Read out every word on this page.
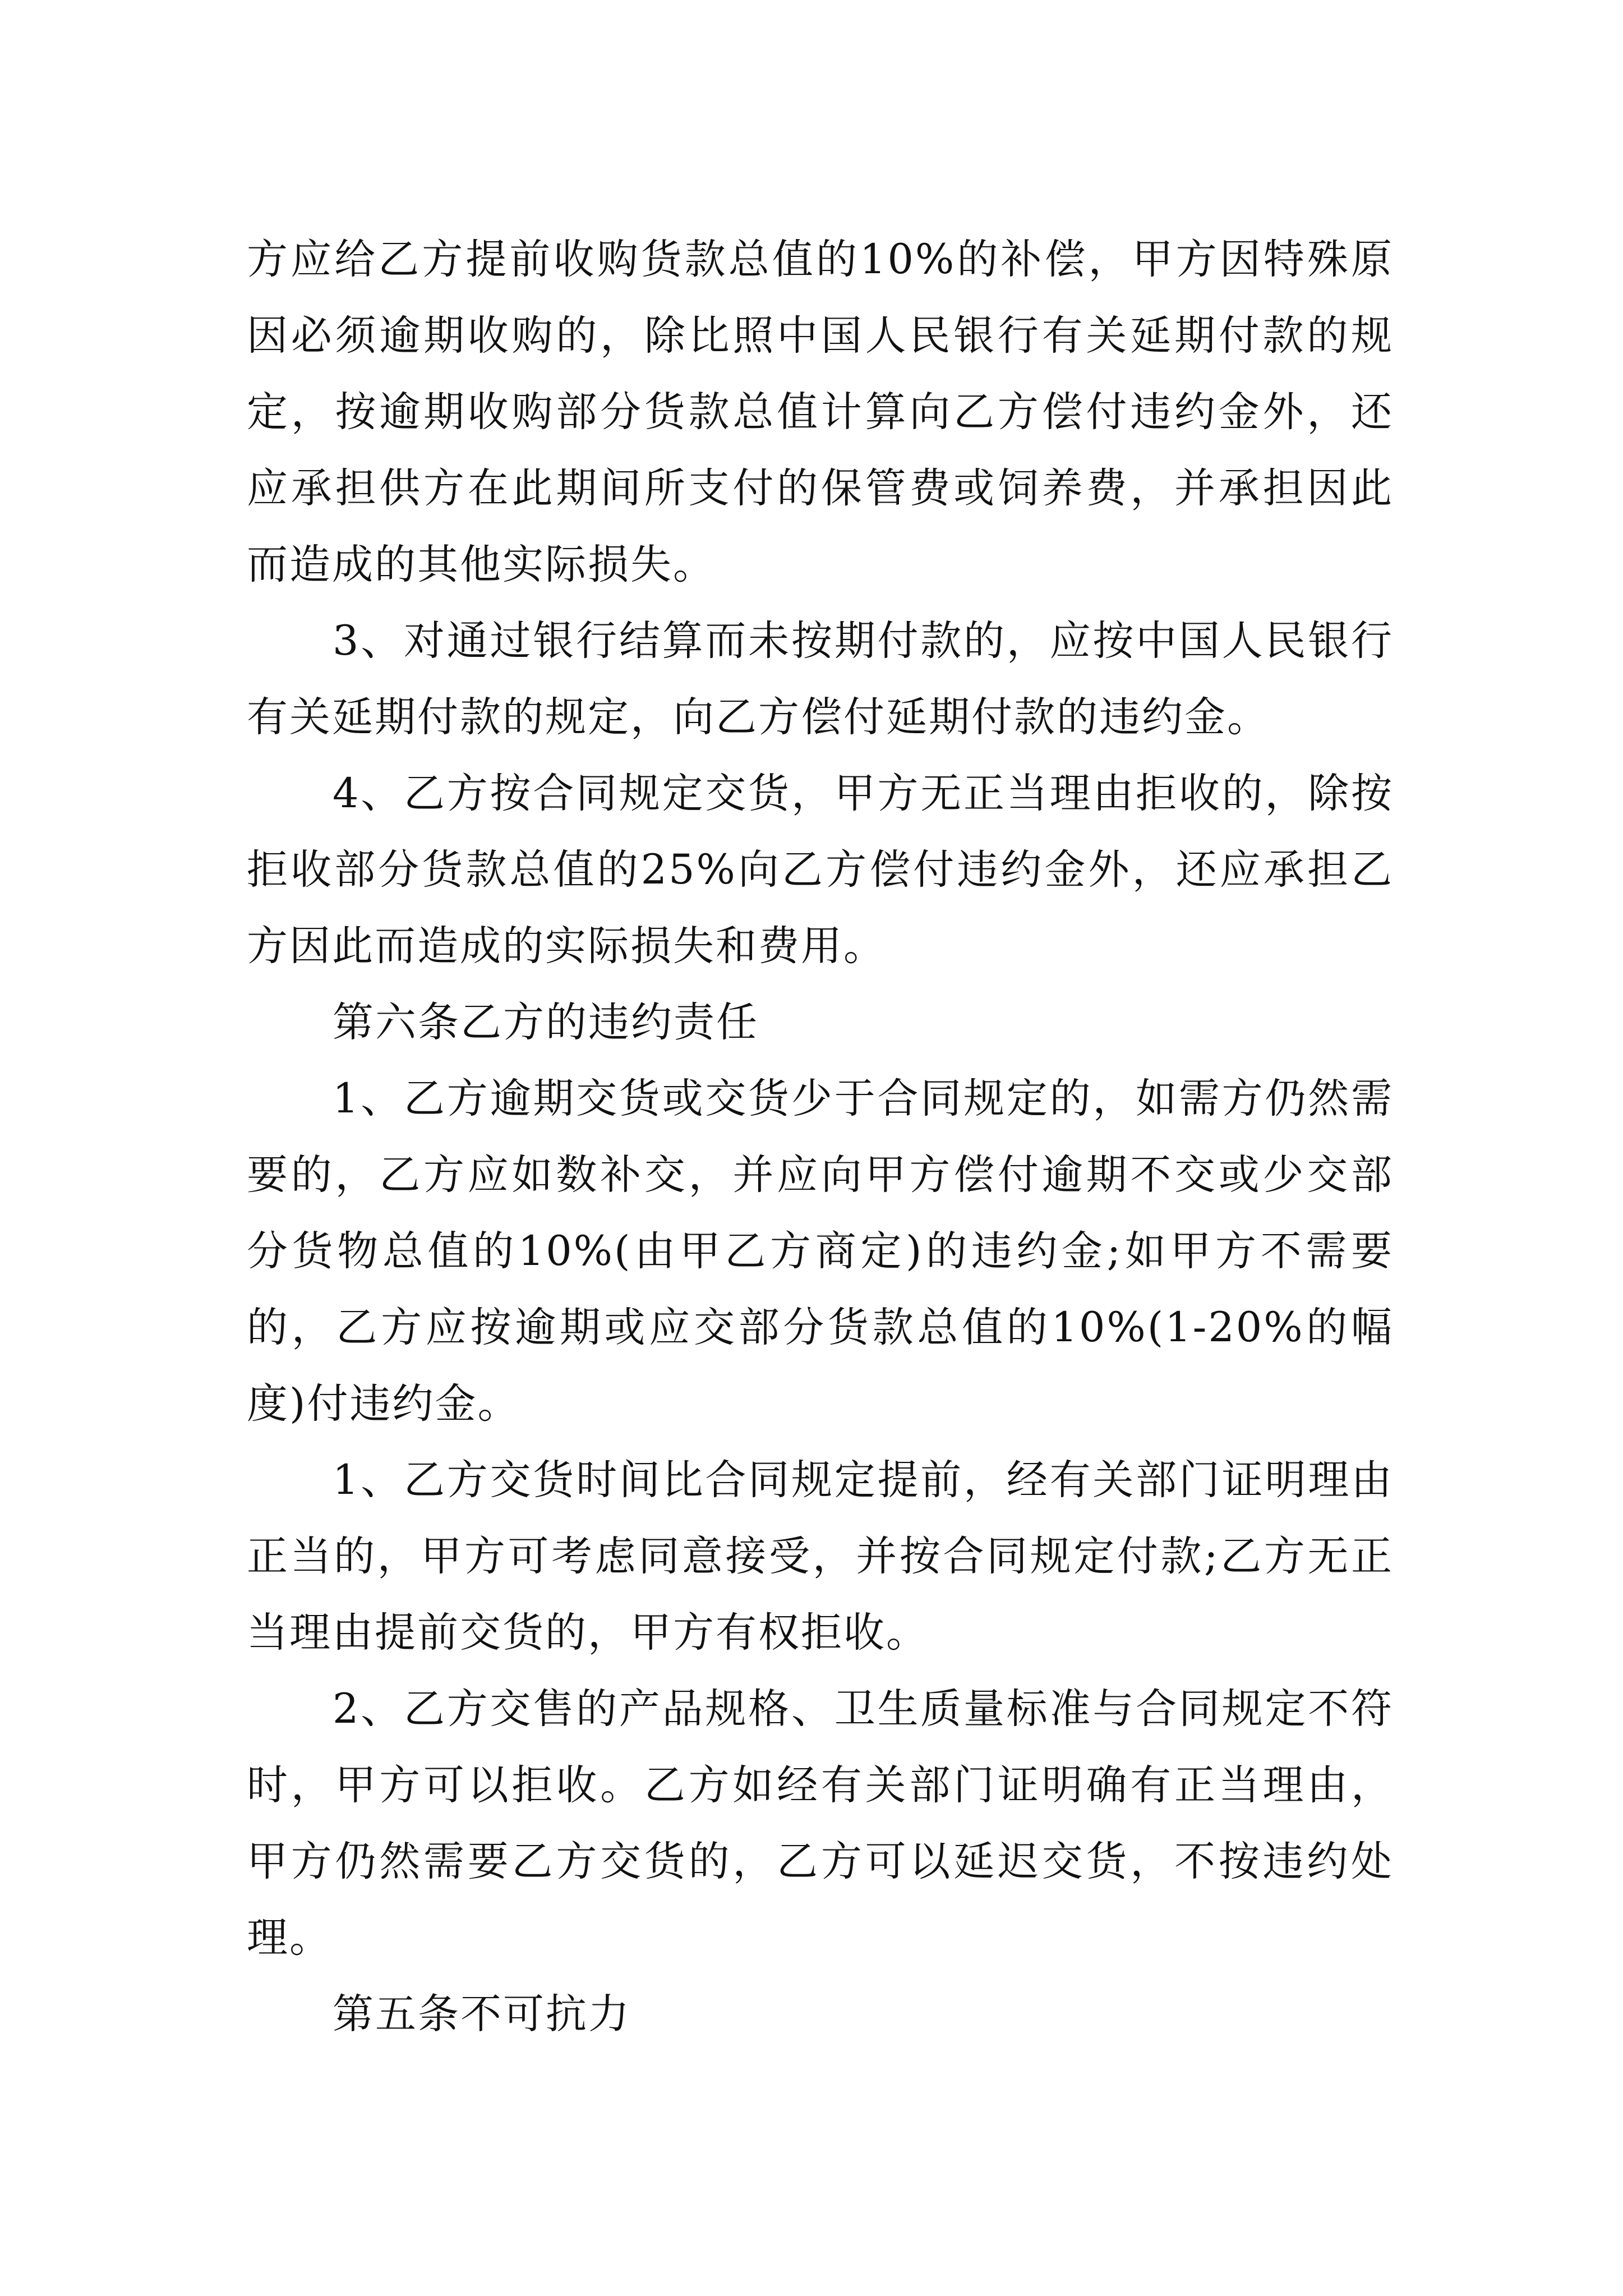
方应给乙方提前收购货款总值的10%的补偿，甲方因特殊原因必须逾期收购的，除比照中国人民银行有关延期付款的规定，按逾期收购部分货款总值计算向乙方偿付违约金外，还应承担供方在此期间所支付的保管费或饲养费，并承担因此而造成的其他实际损失。

3、对通过银行结算而未按期付款的，应按中国人民银行有关延期付款的规定，向乙方偿付延期付款的违约金。

4、乙方按合同规定交货，甲方无正当理由拒收的，除按拒收部分货款总值的25%向乙方偿付违约金外，还应承担乙方因此而造成的实际损失和费用。

第六条乙方的违约责任

1、乙方逾期交货或交货少于合同规定的，如需方仍然需要的，乙方应如数补交，并应向甲方偿付逾期不交或少交部分货物总值的10%(由甲乙方商定)的违约金;如甲方不需要的，乙方应按逾期或应交部分货款总值的10%(1-20%的幅度)付违约金。

1、乙方交货时间比合同规定提前，经有关部门证明理由正当的，甲方可考虑同意接受，并按合同规定付款;乙方无正当理由提前交货的，甲方有权拒收。

2、乙方交售的产品规格、卫生质量标准与合同规定不符时，甲方可以拒收。乙方如经有关部门证明确有正当理由，甲方仍然需要乙方交货的，乙方可以延迟交货，不按违约处理。

第五条不可抗力
